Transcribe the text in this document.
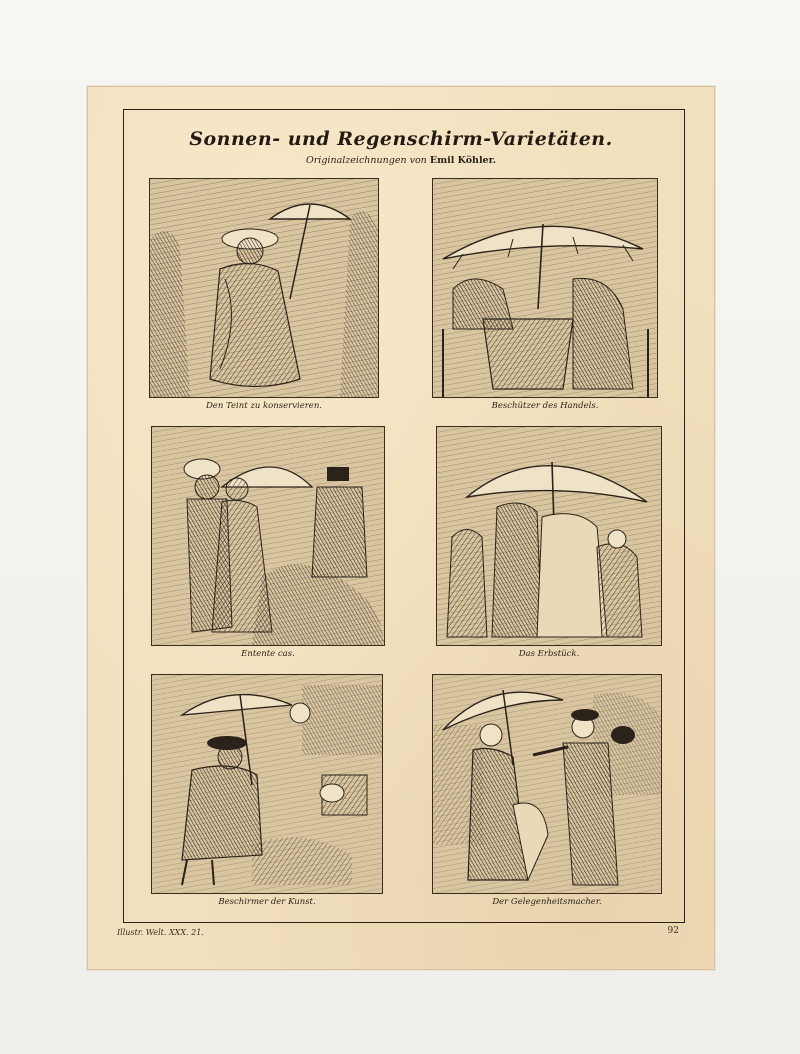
Sonnen- und Regenschirm-Varietäten.
Originalzeichnungen von Emil Köhler.
Den Teint zu konservieren.	Beschützer des Handels.
Entente cas.	Das Erbstück.
Beschirmer der Kunst.	Der Gelegenheitsmacher.
Illustr. Welt. XXX. 21.	92
